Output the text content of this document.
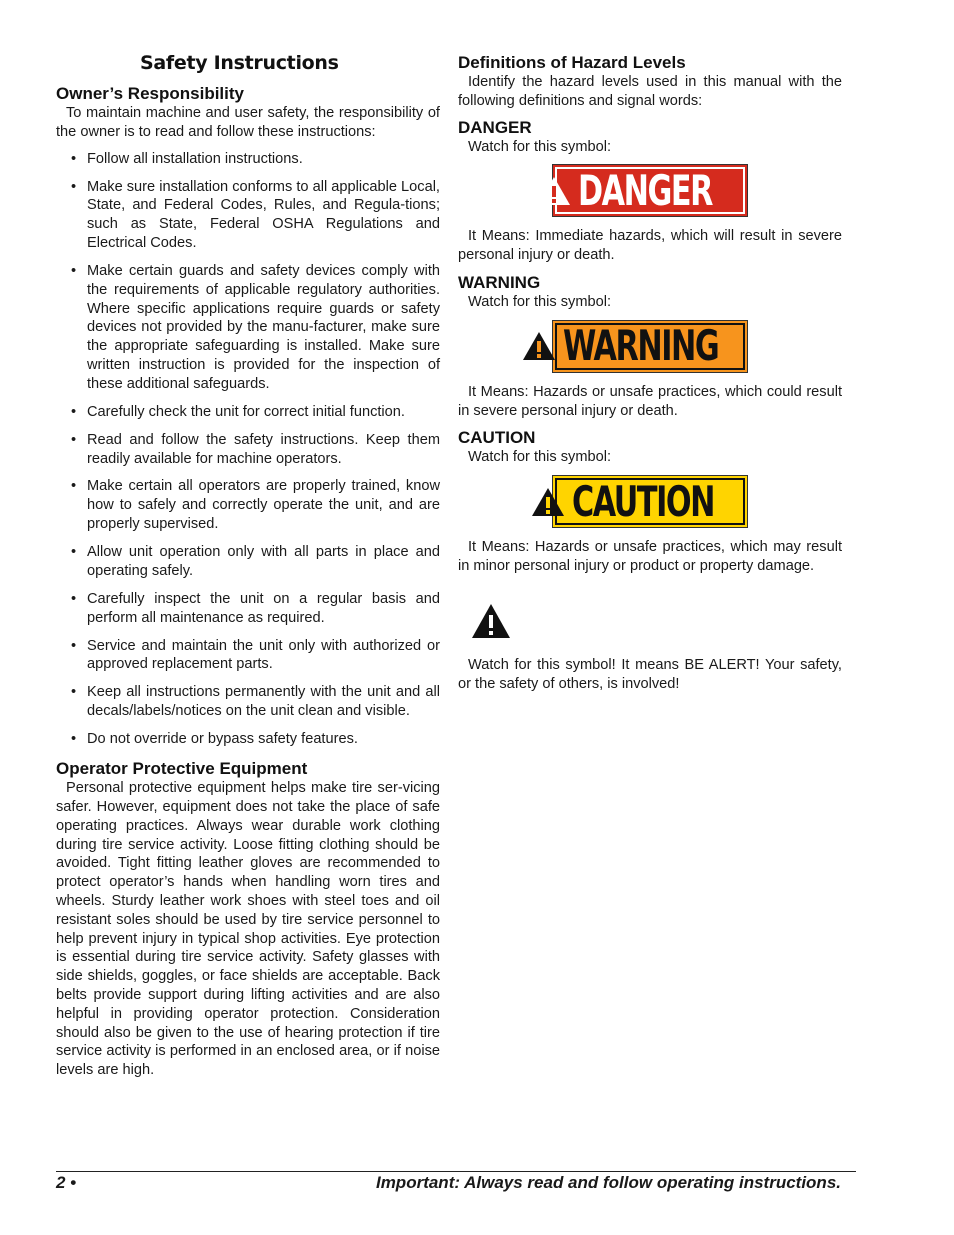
Safety Instructions
Owner’s Responsibility

To maintain machine and user safety, the responsibility of the owner is to read and follow these instructions:

• Follow all installation instructions.
• Make sure installation conforms to all applicable Local, State, and Federal Codes, Rules, and Regula-tions; such as State, Federal OSHA Regulations and Electrical Codes.
• Make certain guards and safety devices comply with the requirements of applicable regulatory authorities. Where specific applications require guards or safety devices not provided by the manu-facturer, make sure the appropriate safeguarding is installed. Make sure written instruction is provided for the inspection of these additional safeguards.
• Carefully check the unit for correct initial function.
• Read and follow the safety instructions. Keep them readily available for machine operators.
• Make certain all operators are properly trained, know how to safely and correctly operate the unit, and are properly supervised.
• Allow unit operation only with all parts in place and operating safely.
• Carefully inspect the unit on a regular basis and perform all maintenance as required.
• Service and maintain the unit only with authorized or approved replacement parts.
• Keep all instructions permanently with the unit and all decals/labels/notices on the unit clean and visible.
• Do not override or bypass safety features.
Operator Protective Equipment

Personal protective equipment helps make tire ser-vicing safer. However, equipment does not take the place of safe operating practices. Always wear durable work clothing during tire service activity. Loose fitting clothing should be avoided. Tight fitting leather gloves are recommended to protect operator’s hands when handling worn tires and wheels. Sturdy leather work shoes with steel toes and oil resistant soles should be used by tire service personnel to help prevent injury in typical shop activities. Eye protection is essential during tire service activity. Safety glasses with side shields, goggles, or face shields are acceptable. Back belts provide support during lifting activities and are also helpful in providing operator protection. Consideration should also be given to the use of hearing protection if tire service activity is performed in an enclosed area, or if noise levels are high.

Definitions of Hazard Levels

Identify the hazard levels used in this manual with the following definitions and signal words:

DANGER

Watch for this symbol:

DANGER

It Means: Immediate hazards, which will result in severe personal injury or death.

WARNING

Watch for this symbol:

WARNING

It Means: Hazards or unsafe practices, which could result in severe personal injury or death.

CAUTION

Watch for this symbol:

CAUTION

It Means: Hazards or unsafe practices, which may result in minor personal injury or product or property damage.

Watch for this symbol! It means BE ALERT! Your safety, or the safety of others, is involved!

2 •	Important: Always read and follow operating instructions.
